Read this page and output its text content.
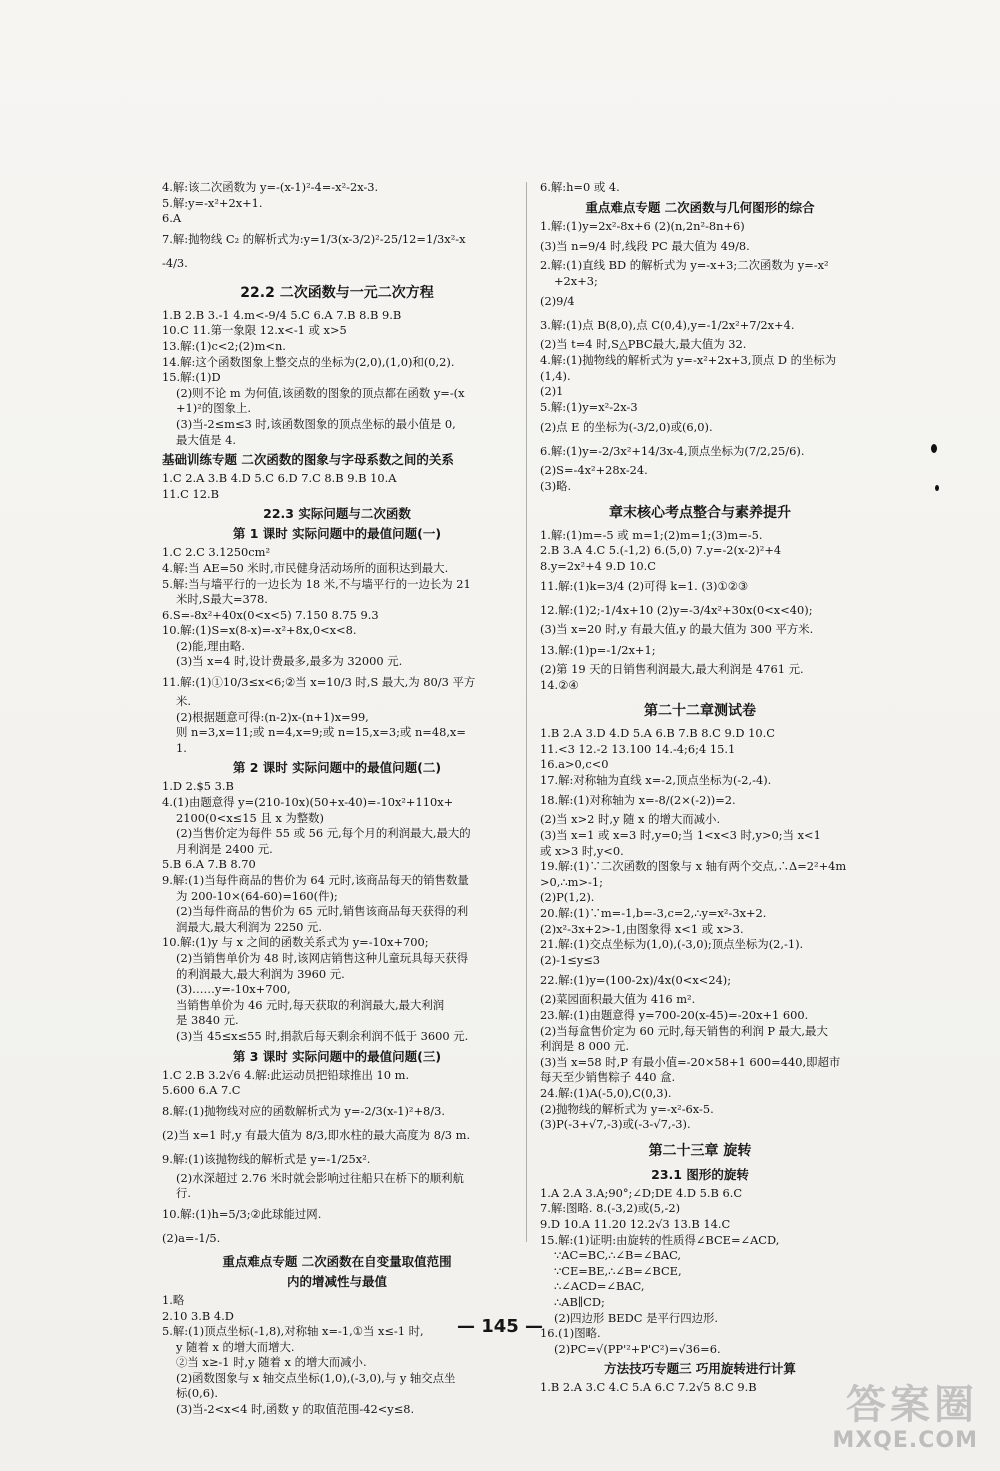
4.解:该二次函数为 y=-(x-1)²-4=-x²-2x-3.
5.解:y=-x²+2x+1.
6.A
7.解:抛物线 C₂ 的解析式为:y=1/3(x-3/2)²-25/12=1/3x²-x
-4/3.
22.2 二次函数与一元二次方程
1.B 2.B 3.-1 4.m<-9/4 5.C 6.A 7.B 8.B 9.B
10.C 11.第一象限 12.x<-1 或 x>5
13.解:(1)c<2;(2)m<n.
14.解:这个函数图象上整交点的坐标为(2,0),(1,0)和(0,2).
15.解:(1)D
(2)则不论 m 为何值,该函数的图象的顶点都在函数 y=-(x
+1)²的图象上.
(3)当-2≤m≤3 时,该函数图象的顶点坐标的最小值是 0,
最大值是 4.
基础训练专题 二次函数的图象与字母系数之间的关系
1.C 2.A 3.B 4.D 5.C 6.D 7.C 8.B 9.B 10.A
11.C 12.B
22.3 实际问题与二次函数
第 1 课时 实际问题中的最值问题(一)
1.C 2.C 3.1250cm²
4.解:当 AE=50 米时,市民健身活动场所的面积达到最大.
5.解:当与墙平行的一边长为 18 米,不与墙平行的一边长为 21
米时,S最大=378.
6.S=-8x²+40x(0<x<5) 7.150 8.75 9.3
10.解:(1)S=x(8-x)=-x²+8x,0<x<8.
(2)能,理由略.
(3)当 x=4 时,设计费最多,最多为 32000 元.
11.解:(1)①10/3≤x<6;②当 x=10/3 时,S 最大,为 80/3 平方
米.
(2)根据题意可得:(n-2)x-(n+1)x=99,
则 n=3,x=11;或 n=4,x=9;或 n=15,x=3;或 n=48,x=
1.
第 2 课时 实际问题中的最值问题(二)
1.D 2.$5 3.B
4.(1)由题意得 y=(210-10x)(50+x-40)=-10x²+110x+
2100(0<x≤15 且 x 为整数)
(2)当售价定为每件 55 或 56 元,每个月的利润最大,最大的
月利润是 2400 元.
5.B 6.A 7.B 8.70
9.解:(1)当每件商品的售价为 64 元时,该商品每天的销售数量
为 200-10×(64-60)=160(件);
(2)当每件商品的售价为 65 元时,销售该商品每天获得的利
润最大,最大利润为 2250 元.
10.解:(1)y 与 x 之间的函数关系式为 y=-10x+700;
(2)当销售单价为 48 时,该网店销售这种儿童玩具每天获得
的利润最大,最大利润为 3960 元.
(3)……y=-10x+700,
当销售单价为 46 元时,每天获取的利润最大,最大利润
是 3840 元.
(3)当 45≤x≤55 时,捐款后每天剩余利润不低于 3600 元.
第 3 课时 实际问题中的最值问题(三)
1.C 2.B 3.2√6 4.解:此运动员把铅球推出 10 m.
5.600 6.A 7.C
8.解:(1)抛物线对应的函数解析式为 y=-2/3(x-1)²+8/3.
(2)当 x=1 时,y 有最大值为 8/3,即水柱的最大高度为 8/3 m.
9.解:(1)该抛物线的解析式是 y=-1/25x².
(2)水深超过 2.76 米时就会影响过往船只在桥下的顺利航
行.
10.解:(1)h=5/3;②此球能过网.
(2)a=-1/5.
重点难点专题 二次函数在自变量取值范围
内的增减性与最值
1.略
2.10 3.B 4.D
5.解:(1)顶点坐标(-1,8),对称轴 x=-1,①当 x≤-1 时,
y 随着 x 的增大而增大.
②当 x≥-1 时,y 随着 x 的增大而减小.
(2)函数图象与 x 轴交点坐标(1,0),(-3,0),与 y 轴交点坐
标(0,6).
(3)当-2<x<4 时,函数 y 的取值范围-42<y≤8.
6.解:h=0 或 4.
重点难点专题 二次函数与几何图形的综合
1.解:(1)y=2x²-8x+6 (2)(n,2n²-8n+6)
(3)当 n=9/4 时,线段 PC 最大值为 49/8.
2.解:(1)直线 BD 的解析式为 y=-x+3;二次函数为 y=-x²
+2x+3;
(2)9/4
3.解:(1)点 B(8,0),点 C(0,4),y=-1/2x²+7/2x+4.
(2)当 t=4 时,S△PBC最大,最大值为 32.
4.解:(1)抛物线的解析式为 y=-x²+2x+3,顶点 D 的坐标为
(1,4).
(2)1
5.解:(1)y=x²-2x-3
(2)点 E 的坐标为(-3/2,0)或(6,0).
6.解:(1)y=-2/3x²+14/3x-4,顶点坐标为(7/2,25/6).
(2)S=-4x²+28x-24.
(3)略.
章末核心考点整合与素养提升
1.解:(1)m=-5 或 m=1;(2)m=1;(3)m=-5.
2.B 3.A 4.C 5.(-1,2) 6.(5,0) 7.y=-2(x-2)²+4
8.y=2x²+4 9.D 10.C
11.解:(1)k=3/4 (2)可得 k=1. (3)①②③
12.解:(1)2;-1/4x+10 (2)y=-3/4x²+30x(0<x<40);
(3)当 x=20 时,y 有最大值,y 的最大值为 300 平方米.
13.解:(1)p=-1/2x+1;
(2)第 19 天的日销售利润最大,最大利润是 4761 元.
14.②④
第二十二章测试卷
1.B 2.A 3.D 4.D 5.A 6.B 7.B 8.C 9.D 10.C
11.<3 12.-2 13.100 14.-4;6;4 15.1
16.a>0,c<0
17.解:对称轴为直线 x=-2,顶点坐标为(-2,-4).
18.解:(1)对称轴为 x=-8/(2×(-2))=2.
(2)当 x>2 时,y 随 x 的增大而减小.
(3)当 x=1 或 x=3 时,y=0;当 1<x<3 时,y>0;当 x<1
或 x>3 时,y<0.
19.解:(1)∵二次函数的图象与 x 轴有两个交点,∴Δ=2²+4m
>0,∴m>-1;
(2)P(1,2).
20.解:(1)∵m=-1,b=-3,c=2,∴y=x²-3x+2.
(2)x²-3x+2>-1,由图象得 x<1 或 x>3.
21.解:(1)交点坐标为(1,0),(-3,0);顶点坐标为(2,-1).
(2)-1≤y≤3
22.解:(1)y=(100-2x)/4x(0<x<24);
(2)菜园面积最大值为 416 m².
23.解:(1)由题意得 y=700-20(x-45)=-20x+1 600.
(2)当每盒售价定为 60 元时,每天销售的利润 P 最大,最大
利润是 8 000 元.
(3)当 x=58 时,P 有最小值=-20×58+1 600=440,即超市
每天至少销售粽子 440 盒.
24.解:(1)A(-5,0),C(0,3).
(2)抛物线的解析式为 y=-x²-6x-5.
(3)P(-3+√7,-3)或(-3-√7,-3).
第二十三章 旋转
23.1 图形的旋转
1.A 2.A 3.A;90°;∠D;DE 4.D 5.B 6.C
7.解:图略. 8.(-3,2)或(5,-2)
9.D 10.A 11.20 12.2√3 13.B 14.C
15.解:(1)证明:由旋转的性质得∠BCE=∠ACD,
∵AC=BC,∴∠B=∠BAC,
∵CE=BE,∴∠B=∠BCE,
∴∠ACD=∠BAC,
∴AB∥CD;
(2)四边形 BEDC 是平行四边形.
16.(1)图略.
(2)PC=√(PP'²+P'C²)=√36=6.
方法技巧专题三 巧用旋转进行计算
1.B 2.A 3.C 4.C 5.A 6.C 7.2√5 8.C 9.B
— 145 —
答案圈
MXQE.COM
